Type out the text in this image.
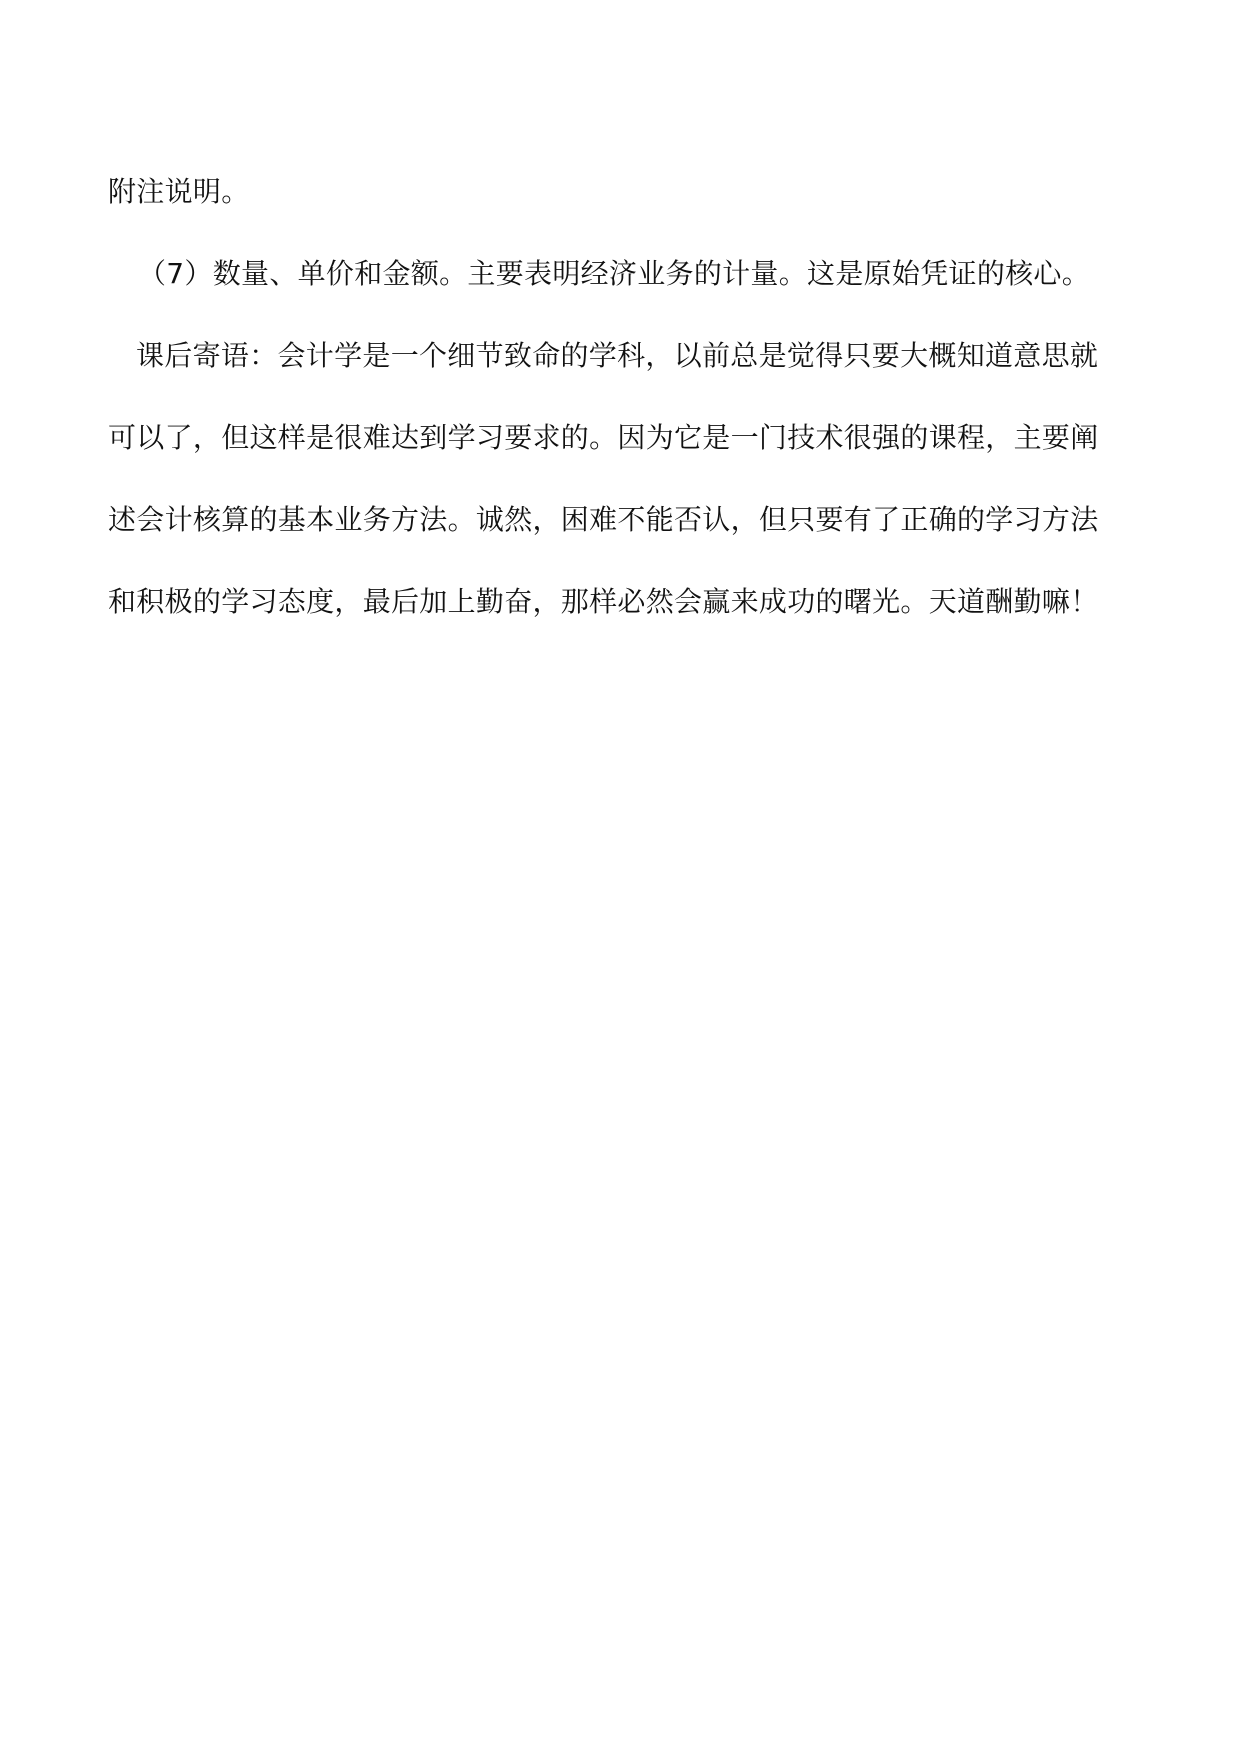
附注说明。

（7）数量、单价和金额。主要表明经济业务的计量。这是原始凭证的核心。

课后寄语：会计学是一个细节致命的学科，以前总是觉得只要大概知道意思就

可以了，但这样是很难达到学习要求的。因为它是一门技术很强的课程，主要阐

述会计核算的基本业务方法。诚然，困难不能否认，但只要有了正确的学习方法

和积极的学习态度，最后加上勤奋，那样必然会赢来成功的曙光。天道酬勤嘛！
